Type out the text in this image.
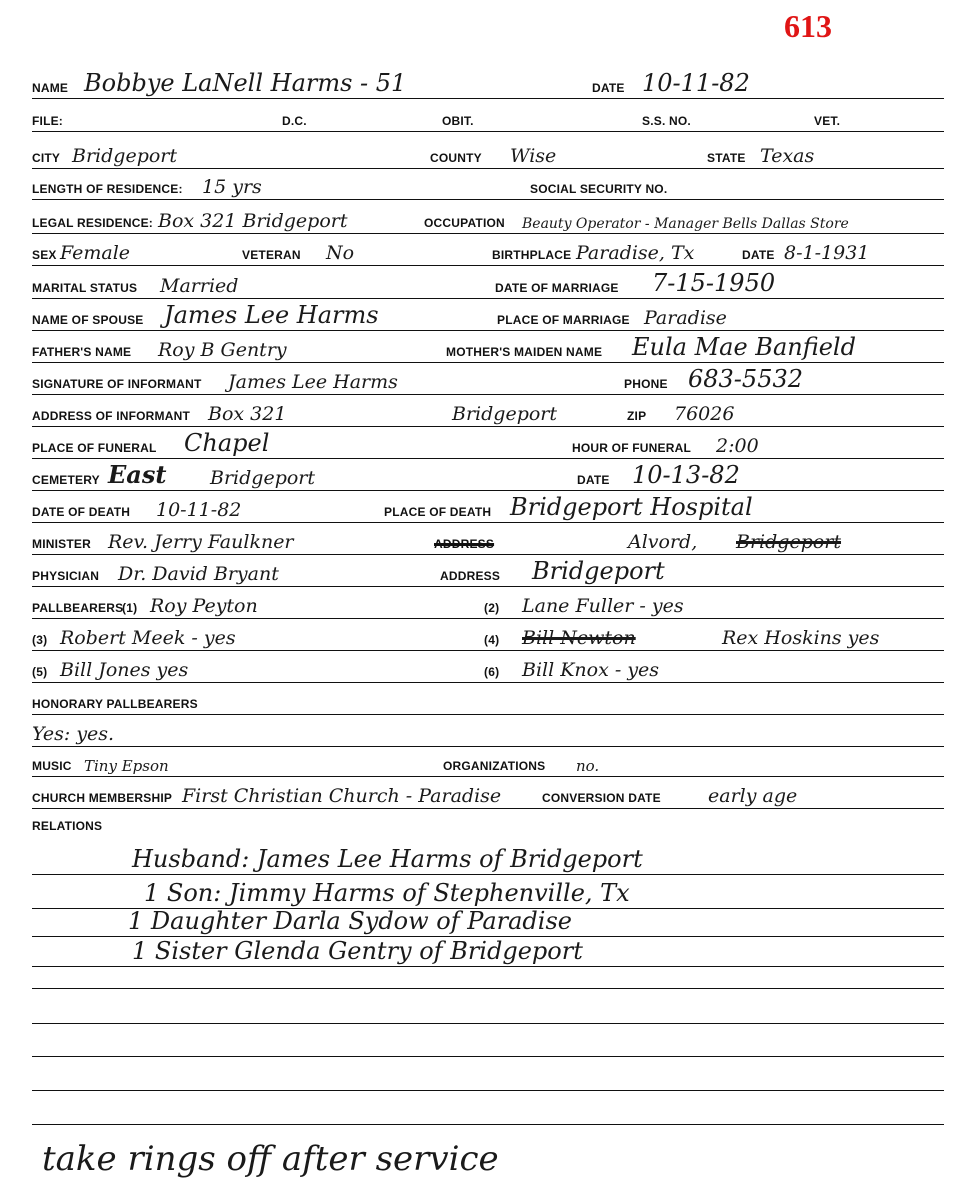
613
NAME Bobbye LaNell Harms - 51	DATE 10-11-82
FILE:	D.C.	OBIT.	S.S. NO.	VET.
CITY Bridgeport	COUNTY Wise	STATE Texas
LENGTH OF RESIDENCE: 15 yrs	SOCIAL SECURITY NO.
LEGAL RESIDENCE: Box 321 Bridgeport	OCCUPATION Beauty Operator - Manager Bells Dallas Store
SEX Female	VETERAN No	BIRTHPLACE Paradise, Tx	DATE 8-1-1931
MARITAL STATUS Married	DATE OF MARRIAGE 7-15-1950
NAME OF SPOUSE James Lee Harms	PLACE OF MARRIAGE Paradise
FATHER'S NAME Roy B Gentry	MOTHER'S MAIDEN NAME Eula Mae Banfield
SIGNATURE OF INFORMANT James Lee Harms	PHONE 683-5532
ADDRESS OF INFORMANT Box 321	Bridgeport	ZIP 76026
PLACE OF FUNERAL Chapel	HOUR OF FUNERAL 2:00
CEMETERY East Bridgeport	DATE 10-13-82
DATE OF DEATH 10-11-82	PLACE OF DEATH Bridgeport Hospital
MINISTER Rev. Jerry Faulkner	ADDRESS	Alvord, Bridgeport
PHYSICIAN Dr. David Bryant	ADDRESS Bridgeport
PALLBEARERS
(1) Roy Peyton	(2) Lane Fuller - yes
(3) Robert Meek - yes	(4) Bill Newton	Rex Hoskins yes
(5) Bill Jones yes	(6) Bill Knox - yes
HONORARY PALLBEARERS
Yes: yes.
MUSIC Tiny Epson	ORGANIZATIONS no.
CHURCH MEMBERSHIP First Christian Church - Paradise	CONVERSION DATE early age
RELATIONS
Husband: James Lee Harms of Bridgeport
1 Son: Jimmy Harms of Stephenville, Tx
1 Daughter Darla Sydow of Paradise
1 Sister Glenda Gentry of Bridgeport
take rings off after service
